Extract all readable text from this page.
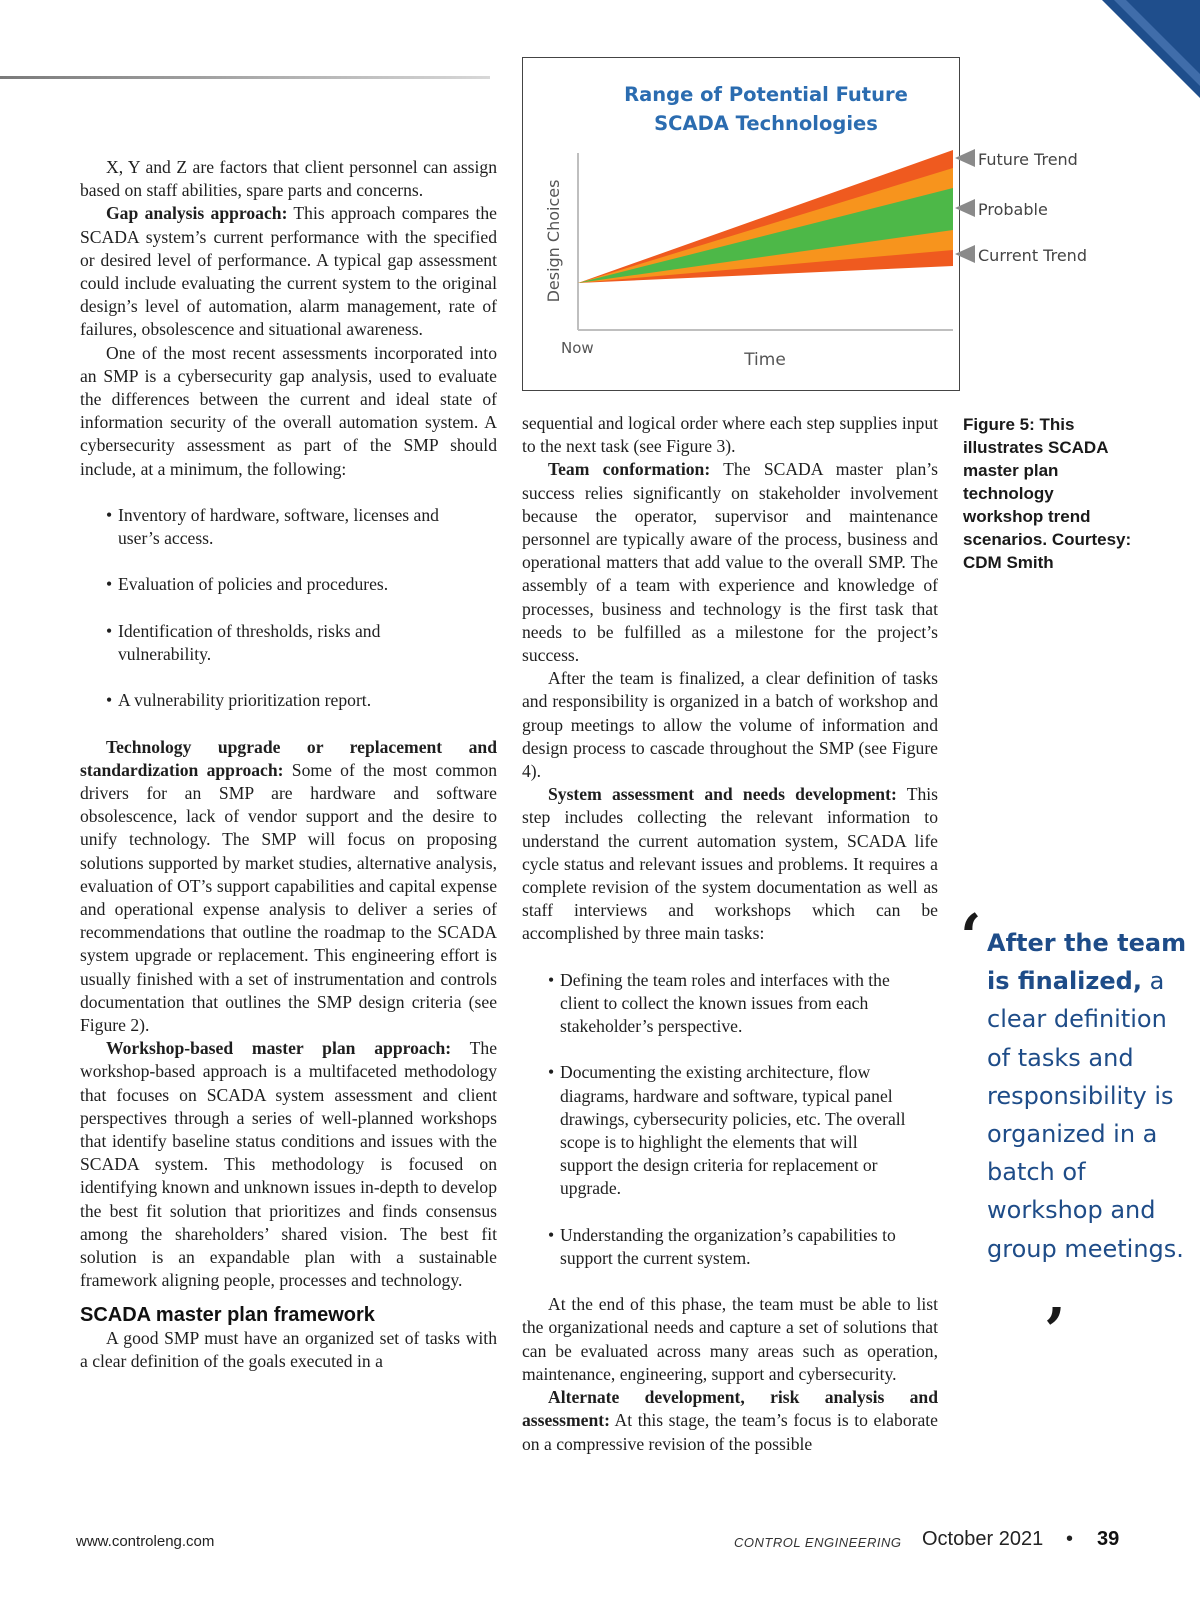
X, Y and Z are factors that client personnel can assign based on staff abilities, spare parts and concerns.

Gap analysis approach: This approach compares the SCADA system’s current performance with the specified or desired level of performance. A typical gap assessment could include evaluating the current system to the original design’s level of automation, alarm management, rate of failures, obsolescence and situational awareness.

One of the most recent assessments incorporated into an SMP is a cybersecurity gap analysis, used to evaluate the differences between the current and ideal state of information security of the overall automation system. A cybersecurity assessment as part of the SMP should include, at a minimum, the following:

• Inventory of hardware, software, licenses and user’s access.
• Evaluation of policies and procedures.
• Identification of thresholds, risks and vulnerability.
• A vulnerability prioritization report.

Technology upgrade or replacement and standardization approach: Some of the most common drivers for an SMP are hardware and software obsolescence, lack of vendor support and the desire to unify technology. The SMP will focus on proposing solutions supported by market studies, alternative analysis, evaluation of OT’s support capabilities and capital expense and operational expense analysis to deliver a series of recommendations that outline the roadmap to the SCADA system upgrade or replacement. This engineering effort is usually finished with a set of instrumentation and controls documentation that outlines the SMP design criteria (see Figure 2).

Workshop-based master plan approach: The workshop-based approach is a multifaceted methodology that focuses on SCADA system assessment and client perspectives through a series of well-planned workshops that identify baseline status conditions and issues with the SCADA system. This methodology is focused on identifying known and unknown issues in-depth to develop the best fit solution that prioritizes and finds consensus among the shareholders’ shared vision. The best fit solution is an expandable plan with a sustainable framework aligning people, processes and technology.

SCADA master plan framework

A good SMP must have an organized set of tasks with a clear definition of the goals executed in a

Range of Potential Future
SCADA Technologies
Future Trend
Probable
Current Trend
Design Choices
Now
Time

Figure 5: This illustrates SCADA master plan technology workshop trend scenarios. Courtesy: CDM Smith

sequential and logical order where each step supplies input to the next task (see Figure 3).

Team conformation: The SCADA master plan’s success relies significantly on stakeholder involvement because the operator, supervisor and maintenance personnel are typically aware of the process, business and operational matters that add value to the overall SMP. The assembly of a team with experience and knowledge of processes, business and technology is the first task that needs to be fulfilled as a milestone for the project’s success.

After the team is finalized, a clear definition of tasks and responsibility is organized in a batch of workshop and group meetings to allow the volume of information and design process to cascade throughout the SMP (see Figure 4).

System assessment and needs development: This step includes collecting the relevant information to understand the current automation system, SCADA life cycle status and relevant issues and problems. It requires a complete revision of the system documentation as well as staff interviews and workshops which can be accomplished by three main tasks:

• Defining the team roles and interfaces with the client to collect the known issues from each stakeholder’s perspective.
• Documenting the existing architecture, flow diagrams, hardware and software, typical panel drawings, cybersecurity policies, etc. The overall scope is to highlight the elements that will support the design criteria for replacement or upgrade.
• Understanding the organization’s capabilities to support the current system.

At the end of this phase, the team must be able to list the organizational needs and capture a set of solutions that can be evaluated across many areas such as operation, maintenance, engineering, support and cybersecurity.

Alternate development, risk analysis and assessment: At this stage, the team’s focus is to elaborate on a compressive revision of the possible

‘ After the team is finalized, a clear definition of tasks and responsibility is organized in a batch of workshop and group meetings.

’
www.controleng.com	CONTROL ENGINEERING October 2021 • 39
